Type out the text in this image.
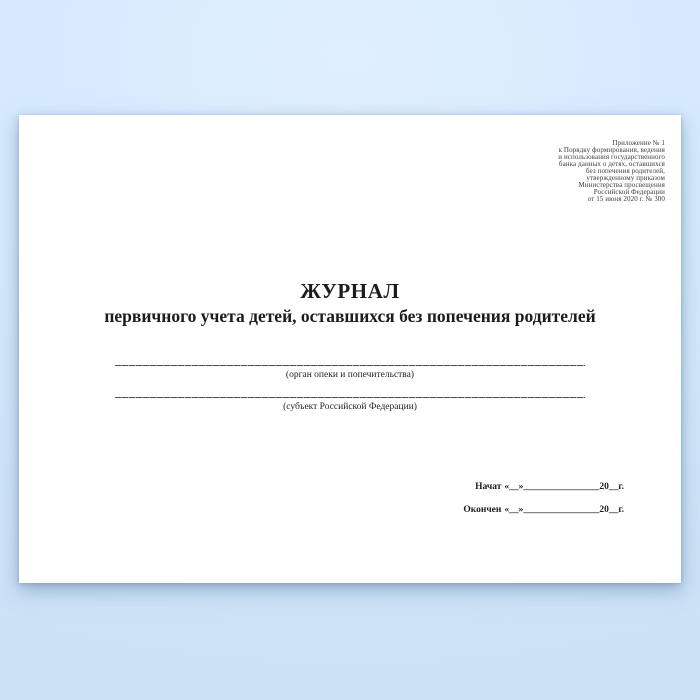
Приложение № 1
к Порядку формирования, ведения
и использования государственного
банка данных о детях, оставшихся
без попечения родителей,
утвержденному приказом
Министерства просвещения
Российской Федерации
от 15 июня 2020 г. № 300
ЖУРНАЛ
первичного учета детей, оставшихся без попечения родителей
(орган опеки и попечительства)
(субъект Российской Федерации)
Начат «__»________________20__г.
Окончен «__»________________20__г.
